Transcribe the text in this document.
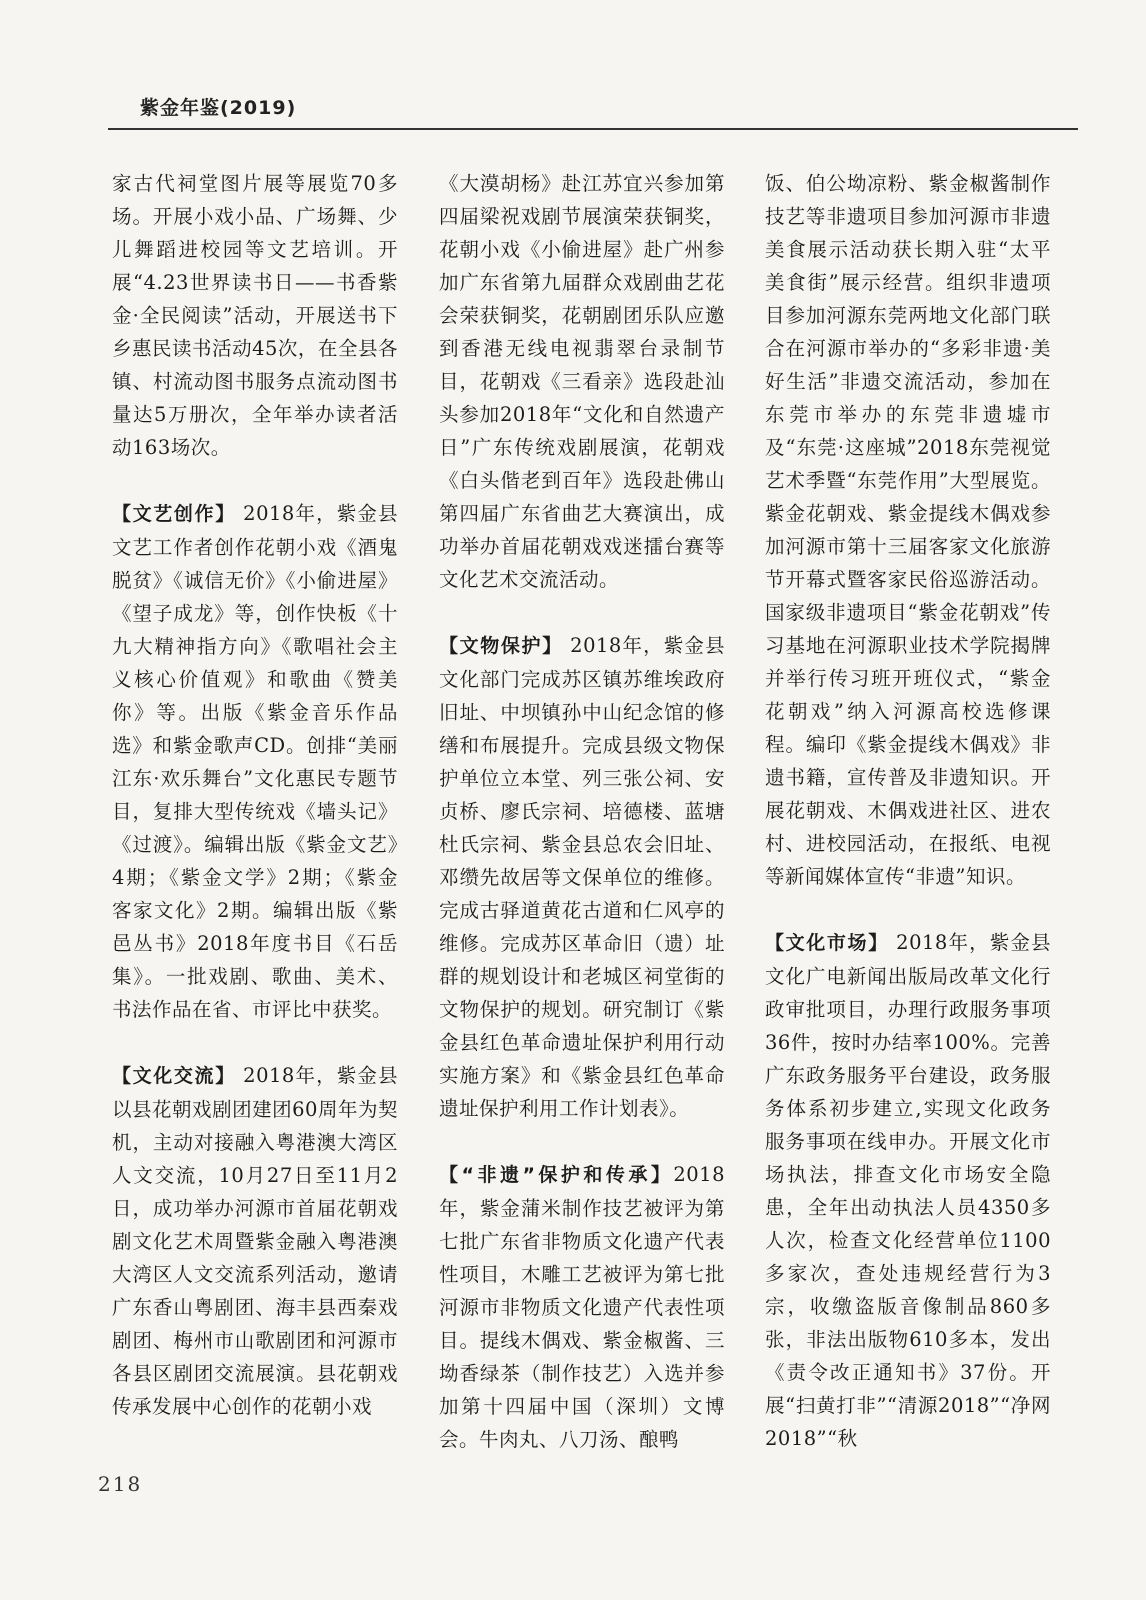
紫金年鉴(2019)

家古代祠堂图片展等展览70多场。开展小戏小品、广场舞、少儿舞蹈进校园等文艺培训。开展“4.23世界读书日——书香紫金·全民阅读”活动，开展送书下乡惠民读书活动45次，在全县各镇、村流动图书服务点流动图书量达5万册次，全年举办读者活动163场次。

【文艺创作】 2018年，紫金县文艺工作者创作花朝小戏《酒鬼脱贫》《诚信无价》《小偷进屋》《望子成龙》等，创作快板《十九大精神指方向》《歌唱社会主义核心价值观》和歌曲《赞美你》等。出版《紫金音乐作品选》和紫金歌声CD。创排“美丽江东·欢乐舞台”文化惠民专题节目，复排大型传统戏《墙头记》《过渡》。编辑出版《紫金文艺》4期；《紫金文学》2期；《紫金客家文化》2期。编辑出版《紫邑丛书》2018年度书目《石岳集》。一批戏剧、歌曲、美术、书法作品在省、市评比中获奖。

【文化交流】 2018年，紫金县以县花朝戏剧团建团60周年为契机，主动对接融入粤港澳大湾区人文交流，10月27日至11月2日，成功举办河源市首届花朝戏剧文化艺术周暨紫金融入粤港澳大湾区人文交流系列活动，邀请广东香山粤剧团、海丰县西秦戏剧团、梅州市山歌剧团和河源市各县区剧团交流展演。县花朝戏传承发展中心创作的花朝小戏

《大漠胡杨》赴江苏宜兴参加第四届梁祝戏剧节展演荣获铜奖，花朝小戏《小偷进屋》赴广州参加广东省第九届群众戏剧曲艺花会荣获铜奖，花朝剧团乐队应邀到香港无线电视翡翠台录制节目，花朝戏《三看亲》选段赴汕头参加2018年“文化和自然遗产日”广东传统戏剧展演，花朝戏《白头偕老到百年》选段赴佛山第四届广东省曲艺大赛演出，成功举办首届花朝戏戏迷擂台赛等文化艺术交流活动。

【文物保护】 2018年，紫金县文化部门完成苏区镇苏维埃政府旧址、中坝镇孙中山纪念馆的修缮和布展提升。完成县级文物保护单位立本堂、列三张公祠、安贞桥、廖氏宗祠、培德楼、蓝塘杜氏宗祠、紫金县总农会旧址、邓缵先故居等文保单位的维修。完成古驿道黄花古道和仁风亭的维修。完成苏区革命旧（遗）址群的规划设计和老城区祠堂街的文物保护的规划。研究制订《紫金县红色革命遗址保护利用行动实施方案》和《紫金县红色革命遗址保护利用工作计划表》。

【“非遗”保护和传承】2018年，紫金蒲米制作技艺被评为第七批广东省非物质文化遗产代表性项目，木雕工艺被评为第七批河源市非物质文化遗产代表性项目。提线木偶戏、紫金椒酱、三坳香绿茶（制作技艺）入选并参加第十四届中国（深圳）文博会。牛肉丸、八刀汤、酿鸭

饭、伯公坳凉粉、紫金椒酱制作技艺等非遗项目参加河源市非遗美食展示活动获长期入驻“太平美食街”展示经营。组织非遗项目参加河源东莞两地文化部门联合在河源市举办的“多彩非遗·美好生活”非遗交流活动，参加在东莞市举办的东莞非遗墟市及“东莞·这座城”2018东莞视觉艺术季暨“东莞作用”大型展览。紫金花朝戏、紫金提线木偶戏参加河源市第十三届客家文化旅游节开幕式暨客家民俗巡游活动。国家级非遗项目“紫金花朝戏”传习基地在河源职业技术学院揭牌并举行传习班开班仪式，“紫金花朝戏”纳入河源高校选修课程。编印《紫金提线木偶戏》非遗书籍，宣传普及非遗知识。开展花朝戏、木偶戏进社区、进农村、进校园活动，在报纸、电视等新闻媒体宣传“非遗”知识。

【文化市场】 2018年，紫金县文化广电新闻出版局改革文化行政审批项目，办理行政服务事项36件，按时办结率100%。完善广东政务服务平台建设，政务服务体系初步建立,实现文化政务服务事项在线申办。开展文化市场执法，排查文化市场安全隐患，全年出动执法人员4350多人次，检查文化经营单位1100多家次，查处违规经营行为3宗，收缴盗版音像制品860多张，非法出版物610多本，发出《责令改正通知书》37份。开展“扫黄打非”“清源2018”“净网2018”“秋

218
